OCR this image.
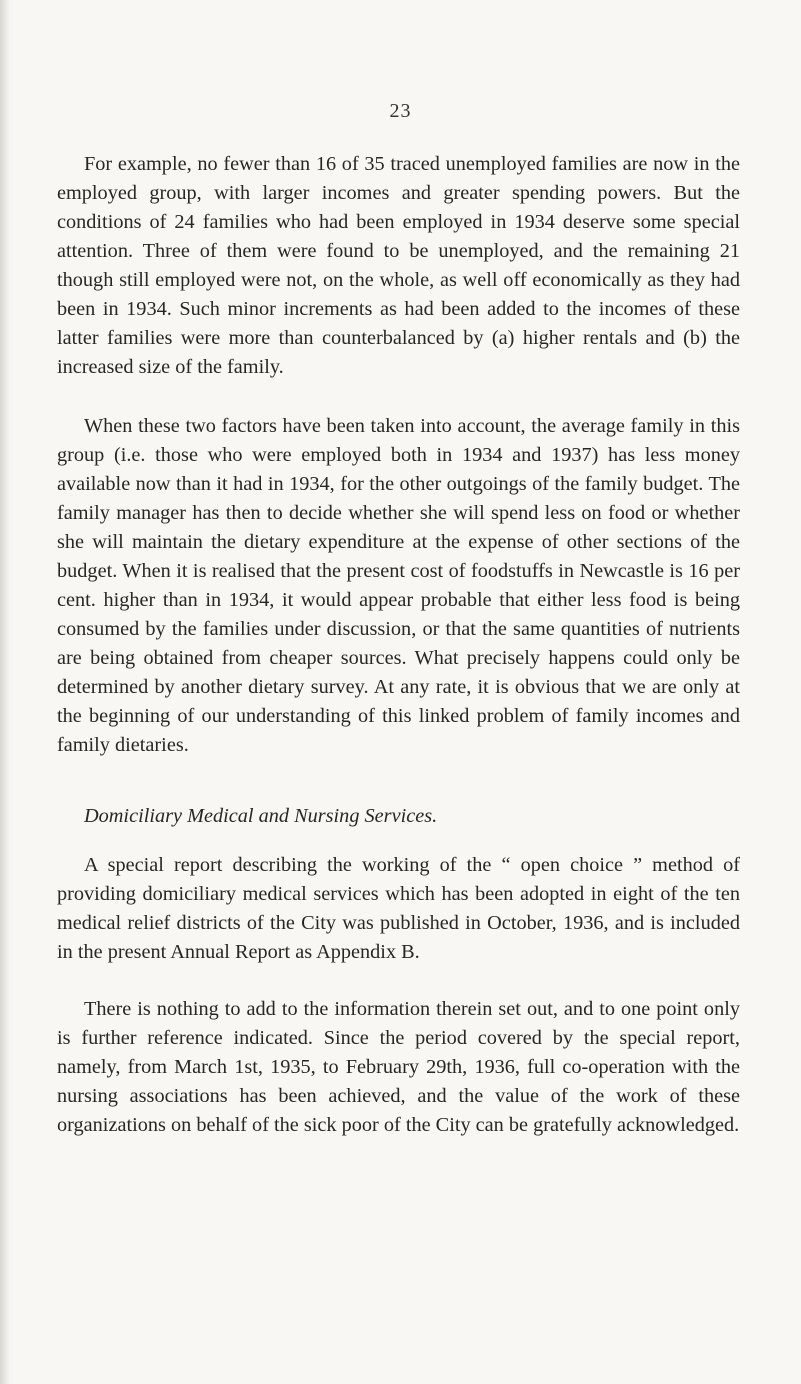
23

For example, no fewer than 16 of 35 traced unemployed families are now in the employed group, with larger incomes and greater spending powers. But the conditions of 24 families who had been employed in 1934 deserve some special attention. Three of them were found to be unemployed, and the remaining 21 though still employed were not, on the whole, as well off economically as they had been in 1934. Such minor increments as had been added to the incomes of these latter families were more than counterbalanced by (a) higher rentals and (b) the increased size of the family.

When these two factors have been taken into account, the average family in this group (i.e. those who were employed both in 1934 and 1937) has less money available now than it had in 1934, for the other outgoings of the family budget. The family manager has then to decide whether she will spend less on food or whether she will maintain the dietary expenditure at the expense of other sections of the budget. When it is realised that the present cost of foodstuffs in Newcastle is 16 per cent. higher than in 1934, it would appear probable that either less food is being consumed by the families under discussion, or that the same quantities of nutrients are being obtained from cheaper sources. What precisely happens could only be determined by another dietary survey. At any rate, it is obvious that we are only at the beginning of our understanding of this linked problem of family incomes and family dietaries.

Domiciliary Medical and Nursing Services.

A special report describing the working of the “ open choice ” method of providing domiciliary medical services which has been adopted in eight of the ten medical relief districts of the City was published in October, 1936, and is included in the present Annual Report as Appendix B.

There is nothing to add to the information therein set out, and to one point only is further reference indicated. Since the period covered by the special report, namely, from March 1st, 1935, to February 29th, 1936, full co-operation with the nursing associations has been achieved, and the value of the work of these organizations on behalf of the sick poor of the City can be gratefully acknowledged.
